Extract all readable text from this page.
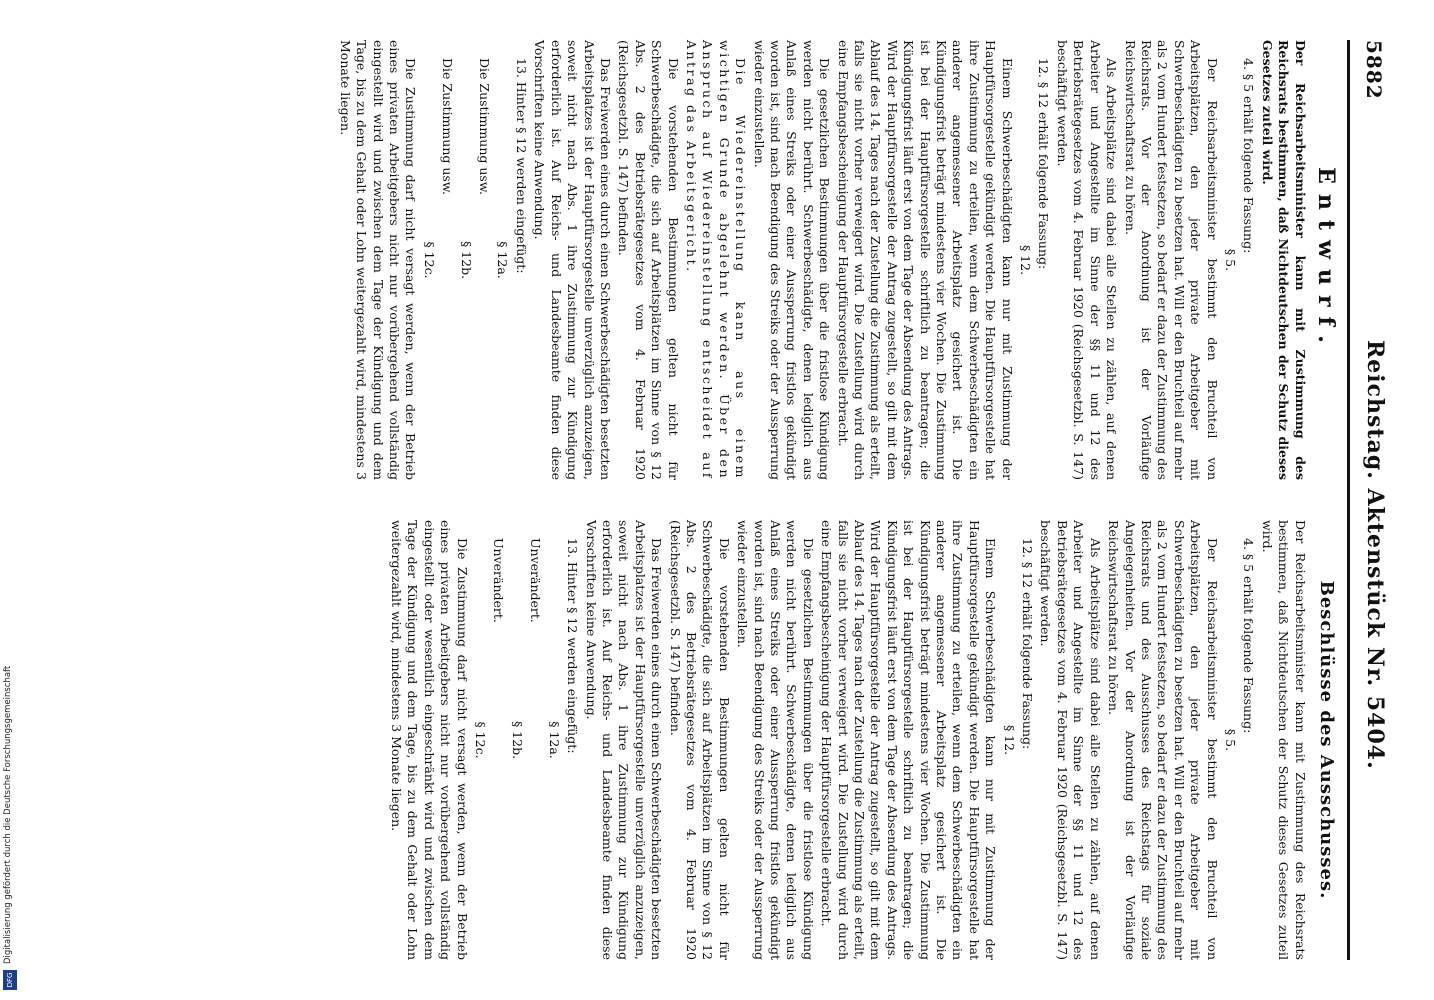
5882
Reichstag. Aktenstück Nr. 5404.
Entwurf.
Der Reichsarbeitsminister kann mit Zustimmung des Reichsrats bestimmen, daß Nichtdeutschen der Schutz dieses Gesetzes zuteil wird.
4. § 5 erhält folgende Fassung:
§ 5.
Der Reichsarbeitsminister bestimmt den Bruchteil von Arbeitsplätzen, den jeder private Arbeitgeber mit Schwerbeschädigten zu besetzen hat. Will er den Bruchteil auf mehr als 2 vom Hundert festsetzen, so bedarf er dazu der Zustimmung des Reichsrats. Vor der Anordnung ist der Vorläufige Reichswirtschaftsrat zu hören.
Als Arbeitsplätze sind dabei alle Stellen zu zählen, auf denen Arbeiter und Angestellte im Sinne der §§ 11 und 12 des Betriebsrätegesetzes vom 4. Februar 1920 (Reichsgesetzbl. S. 147) beschäftigt werden.
12. § 12 erhält folgende Fassung:
§ 12.
Einem Schwerbeschädigten kann nur mit Zustimmung der Hauptfürsorgestelle gekündigt werden. Die Hauptfürsorgestelle hat ihre Zustimmung zu erteilen, wenn dem Schwerbeschädigten ein anderer angemessener Arbeitsplatz gesichert ist. Die Kündigungsfrist beträgt mindestens vier Wochen. Die Zustimmung ist bei der Hauptfürsorgestelle schriftlich zu beantragen; die Kündigungsfrist läuft erst von dem Tage der Absendung des Antrags. Wird der Hauptfürsorgestelle der Antrag zugestellt, so gilt mit dem Ablauf des 14. Tages nach der Zustellung die Zustimmung als erteilt, falls sie nicht vorher verweigert wird. Die Zustellung wird durch eine Empfangsbescheinigung der Hauptfürsorgestelle erbracht.
Die gesetzlichen Bestimmungen über die fristlose Kündigung werden nicht berührt. Schwerbeschädigte, denen lediglich aus Anlaß eines Streiks oder einer Aussperrung fristlos gekündigt worden ist, sind nach Beendigung des Streiks oder der Aussperrung wieder einzustellen.
Die Wiedereinstellung kann aus einem wichtigen Grunde abgelehnt werden. Über den Anspruch auf Wiedereinstellung entscheidet auf Antrag das Arbeitsgericht.
Die vorstehenden Bestimmungen gelten nicht für Schwerbeschädigte, die sich auf Arbeitsplätzen im Sinne von § 12 Abs. 2 des Betriebsrätegesetzes vom 4. Februar 1920 (Reichsgesetzbl. S. 147) befinden.
Das Freiwerden eines durch einen Schwerbeschädigten besetzten Arbeitsplatzes ist der Hauptfürsorgestelle unverzüglich anzuzeigen, soweit nicht nach Abs. 1 ihre Zustimmung zur Kündigung erforderlich ist. Auf Reichs- und Landesbeamte finden diese Vorschriften keine Anwendung.
13. Hinter § 12 werden eingefügt:
§ 12a.
Die Zustimmung usw.
§ 12b.
Die Zustimmung usw.
§ 12c.
Die Zustimmung darf nicht versagt werden, wenn der Betrieb eines privaten Arbeitgebers nicht nur vorübergehend vollständig eingestellt wird und zwischen dem Tage der Kündigung und dem Tage, bis zu dem Gehalt oder Lohn weitergezahlt wird, mindestens 3 Monate liegen.
Beschlüsse des Ausschusses.
Der Reichsarbeitsminister kann mit Zustimmung des Reichsrats bestimmen, daß Nichtdeutschen der Schutz dieses Gesetzes zuteil wird.
4. § 5 erhält folgende Fassung:
§ 5.
Der Reichsarbeitsminister bestimmt den Bruchteil von Arbeitsplätzen, den jeder private Arbeitgeber mit Schwerbeschädigten zu besetzen hat. Will er den Bruchteil auf mehr als 2 vom Hundert festsetzen, so bedarf er dazu der Zustimmung des Reichsrats und des Ausschusses des Reichstags für soziale Angelegenheiten. Vor der Anordnung ist der Vorläufige Reichswirtschaftsrat zu hören.
Als Arbeitsplätze sind dabei alle Stellen zu zählen, auf denen Arbeiter und Angestellte im Sinne der §§ 11 und 12 des Betriebsrätegesetzes vom 4. Februar 1920 (Reichsgesetzbl. S. 147) beschäftigt werden.
12. § 12 erhält folgende Fassung:
§ 12.
Einem Schwerbeschädigten kann nur mit Zustimmung der Hauptfürsorgestelle gekündigt werden. Die Hauptfürsorgestelle hat ihre Zustimmung zu erteilen, wenn dem Schwerbeschädigten ein anderer angemessener Arbeitsplatz gesichert ist. Die Kündigungsfrist beträgt mindestens vier Wochen. Die Zustimmung ist bei der Hauptfürsorgestelle schriftlich zu beantragen; die Kündigungsfrist läuft erst von dem Tage der Absendung des Antrags. Wird der Hauptfürsorgestelle der Antrag zugestellt, so gilt mit dem Ablauf des 14. Tages nach der Zustellung die Zustimmung als erteilt, falls sie nicht vorher verweigert wird. Die Zustellung wird durch eine Empfangsbescheinigung der Hauptfürsorgestelle erbracht.
Die gesetzlichen Bestimmungen über die fristlose Kündigung werden nicht berührt. Schwerbeschädigte, denen lediglich aus Anlaß eines Streiks oder einer Aussperrung fristlos gekündigt worden ist, sind nach Beendigung des Streiks oder der Aussperrung wieder einzustellen.
Die vorstehenden Bestimmungen gelten nicht für Schwerbeschädigte, die sich auf Arbeitsplätzen im Sinne von § 12 Abs. 2 des Betriebsrätegesetzes vom 4. Februar 1920 (Reichsgesetzbl. S. 147) befinden.
Das Freiwerden eines durch einen Schwerbeschädigten besetzten Arbeitsplatzes ist der Hauptfürsorgestelle unverzüglich anzuzeigen, soweit nicht nach Abs. 1 ihre Zustimmung zur Kündigung erforderlich ist. Auf Reichs- und Landesbeamte finden diese Vorschriften keine Anwendung.
13. Hinter § 12 werden eingefügt:
§ 12a.
Unverändert.
§ 12b.
Unverändert.
§ 12c.
Die Zustimmung darf nicht versagt werden, wenn der Betrieb eines privaten Arbeitgebers nicht nur vorübergehend vollständig eingestellt oder wesentlich eingeschränkt wird und zwischen dem Tage der Kündigung und dem Tage, bis zu dem Gehalt oder Lohn weitergezahlt wird, mindestens 3 Monate liegen.
DFG
Digitalisierung gefördert durch die Deutsche Forschungsgemeinschaft
